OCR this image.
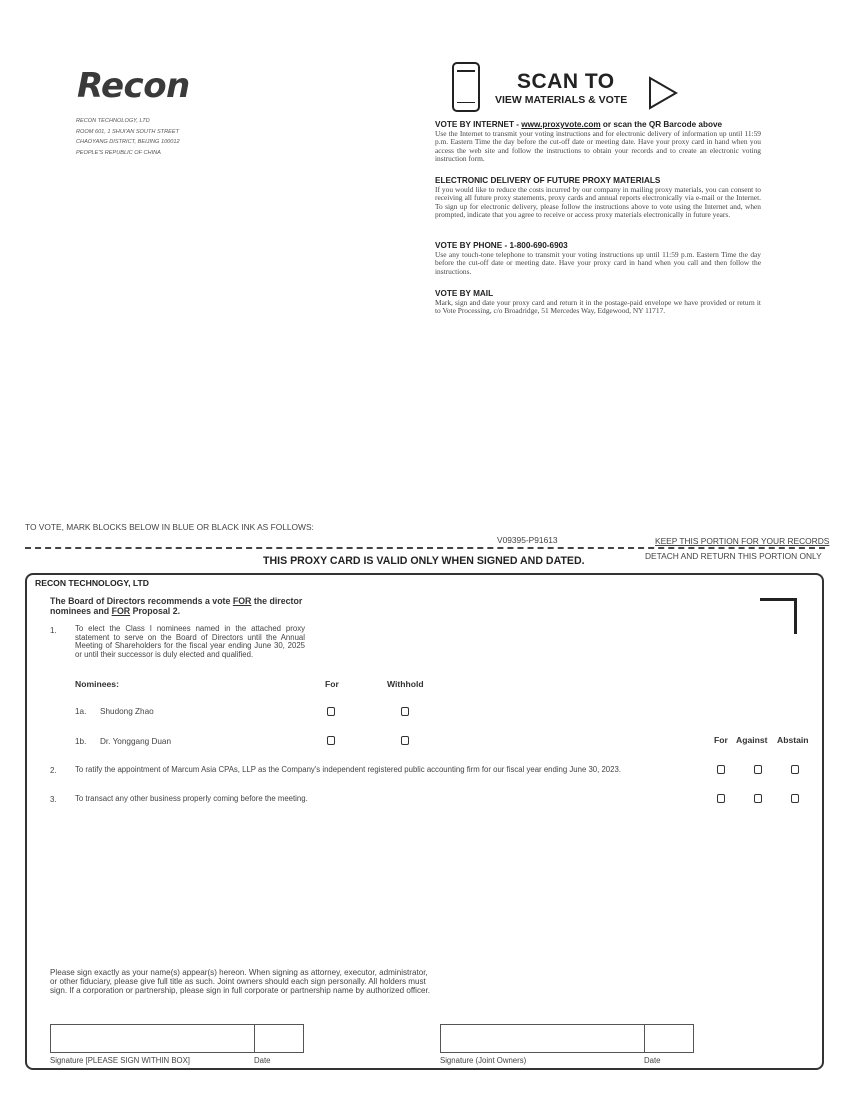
Recon
RECON TECHNOLOGY, LTD
ROOM 601, 1 SHUI'AN SOUTH STREET
CHAOYANG DISTRICT, BEIJING 100012
PEOPLE'S REPUBLIC OF CHINA
SCAN TO
VIEW MATERIALS & VOTE
VOTE BY INTERNET - www.proxyvote.com or scan the QR Barcode above

Use the Internet to transmit your voting instructions and for electronic delivery of information up until 11:59 p.m. Eastern Time the day before the cut-off date or meeting date. Have your proxy card in hand when you access the web site and follow the instructions to obtain your records and to create an electronic voting instruction form.

ELECTRONIC DELIVERY OF FUTURE PROXY MATERIALS

If you would like to reduce the costs incurred by our company in mailing proxy materials, you can consent to receiving all future proxy statements, proxy cards and annual reports electronically via e-mail or the Internet. To sign up for electronic delivery, please follow the instructions above to vote using the Internet and, when prompted, indicate that you agree to receive or access proxy materials electronically in future years.

VOTE BY PHONE - 1-800-690-6903

Use any touch-tone telephone to transmit your voting instructions up until 11:59 p.m. Eastern Time the day before the cut-off date or meeting date. Have your proxy card in hand when you call and then follow the instructions.

VOTE BY MAIL

Mark, sign and date your proxy card and return it in the postage-paid envelope we have provided or return it to Vote Processing, c/o Broadridge, 51 Mercedes Way, Edgewood, NY 11717.

TO VOTE, MARK BLOCKS BELOW IN BLUE OR BLACK INK AS FOLLOWS:
V09395-P91613	KEEP THIS PORTION FOR YOUR RECORDS
DETACH AND RETURN THIS PORTION ONLY
THIS PROXY CARD IS VALID ONLY WHEN SIGNED AND DATED.
RECON TECHNOLOGY, LTD
The Board of Directors recommends a vote FOR the director nominees and FOR Proposal 2.
1. To elect the Class I nominees named in the attached proxy statement to serve on the Board of Directors until the Annual Meeting of Shareholders for the fiscal year ending June 30, 2025 or until their successor is duly elected and qualified.
Nominees:	For	Withhold
1a. Shudong Zhao
1b. Dr. Yonggang Duan	For Against Abstain
2. To ratify the appointment of Marcum Asia CPAs, LLP as the Company's independent registered public accounting firm for our fiscal year ending June 30, 2023.
3. To transact any other business properly coming before the meeting.
Please sign exactly as your name(s) appear(s) hereon. When signing as attorney, executor, administrator, or other fiduciary, please give full title as such. Joint owners should each sign personally. All holders must sign. If a corporation or partnership, please sign in full corporate or partnership name by authorized officer.
Signature [PLEASE SIGN WITHIN BOX]	Date	Signature (Joint Owners)	Date
